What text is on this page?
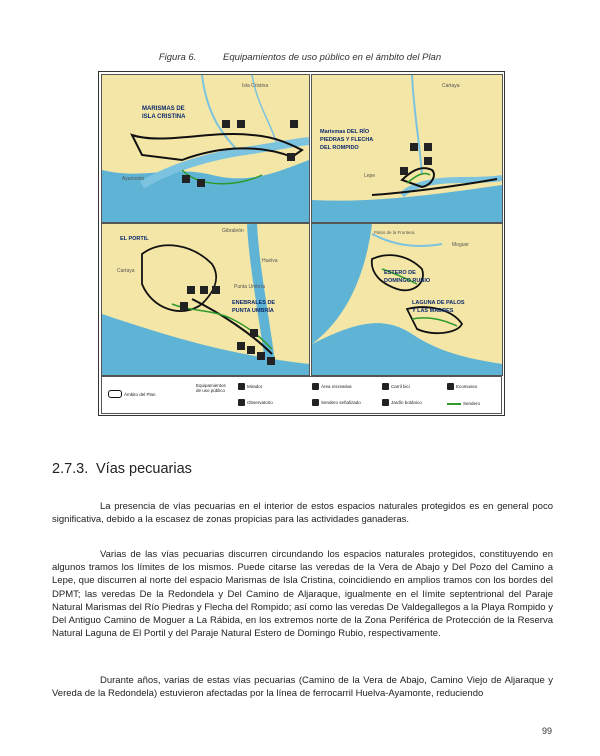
Figura 6.	Equipamientos de uso público en el ámbito del Plan
MARISMAS DE
ISLA CRISTINA
Isla Cristina
Ayamonte
Marismas DEL RÍO
PIEDRAS Y FLECHA
DEL ROMPIDO
Cartaya
Lepe
EL PORTIL
ENEBRALES DE
PUNTA UMBRÍA
Gibraleón
Cartaya
Huelva
Punta Umbría
ESTERO DE
DOMINGO RUBIO
LAGUNA DE PALOS
Y LAS MADRES
Palos de la Frontera
Moguer
Ámbito del Plan
Equipamientos
de uso público
Mirador
Observatorio
Área recreativa
Sendero señalizado
Carril bici
Jardín botánico
Ecomuseo
Sendero
2.7.3. Vías pecuarias

La presencia de vías pecuarias en el interior de estos espacios naturales protegidos es en general poco significativa, debido a la escasez de zonas propicias para las actividades ganaderas.

Varias de las vías pecuarias discurren circundando los espacios naturales protegidos, constituyendo en algunos tramos los límites de los mismos. Puede citarse las veredas de la Vera de Abajo y Del Pozo del Camino a Lepe, que discurren al norte del espacio Marismas de Isla Cristina, coincidiendo en amplios tramos con los bordes del DPMT; las veredas De la Redondela y Del Camino de Aljaraque, igualmente en el límite septentrional del Paraje Natural Marismas del Río Piedras y Flecha del Rompido; así como las veredas De Valdegallegos a la Playa Rompido y Del Antiguo Camino de Moguer a La Rábida, en los extremos norte de la Zona Periférica de Protección de la Reserva Natural Laguna de El Portil y del Paraje Natural Estero de Domingo Rubio, respectivamente.

Durante años, varias de estas vías pecuarias (Camino de la Vera de Abajo, Camino Viejo de Aljaraque y Vereda de la Redondela) estuvieron afectadas por la línea de ferrocarril Huelva-Ayamonte, reduciendo

99
